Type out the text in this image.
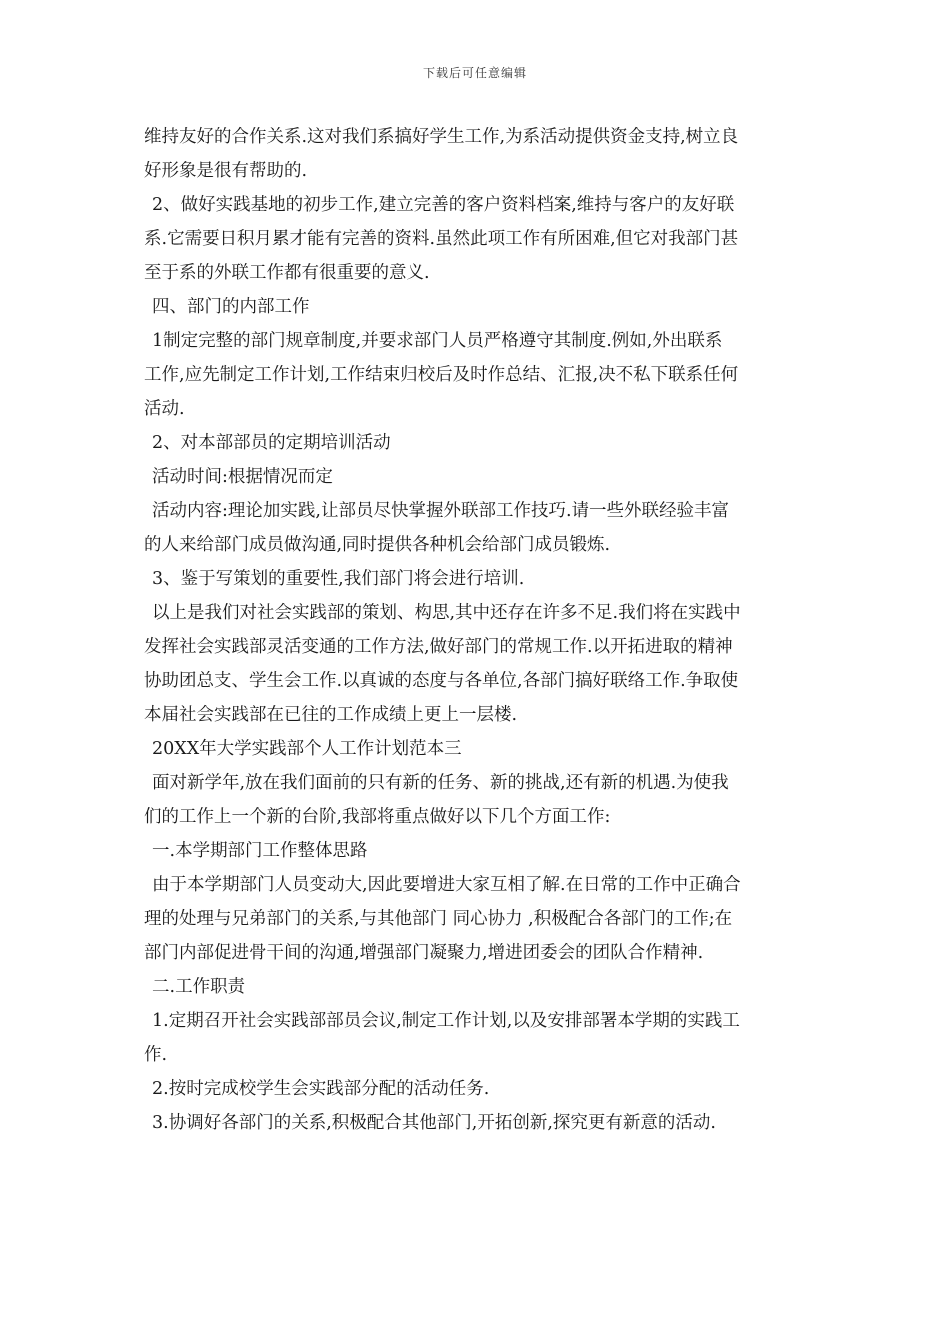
下载后可任意编辑
维持友好的合作关系.这对我们系搞好学生工作,为系活动提供资金支持,树立良
好形象是很有帮助的.
2、做好实践基地的初步工作,建立完善的客户资料档案,维持与客户的友好联
系.它需要日积月累才能有完善的资料.虽然此项工作有所困难,但它对我部门甚
至于系的外联工作都有很重要的意义.
四、部门的内部工作
1制定完整的部门规章制度,并要求部门人员严格遵守其制度.例如,外出联系
工作,应先制定工作计划,工作结束归校后及时作总结、汇报,决不私下联系任何
活动.
2、对本部部员的定期培训活动
活动时间:根据情况而定
活动内容:理论加实践,让部员尽快掌握外联部工作技巧.请一些外联经验丰富
的人来给部门成员做沟通,同时提供各种机会给部门成员锻炼.
3、鉴于写策划的重要性,我们部门将会进行培训.
以上是我们对社会实践部的策划、构思,其中还存在许多不足.我们将在实践中
发挥社会实践部灵活变通的工作方法,做好部门的常规工作.以开拓进取的精神
协助团总支、学生会工作.以真诚的态度与各单位,各部门搞好联络工作.争取使
本届社会实践部在已往的工作成绩上更上一层楼.
20XX年大学实践部个人工作计划范本三
面对新学年,放在我们面前的只有新的任务、新的挑战,还有新的机遇.为使我
们的工作上一个新的台阶,我部将重点做好以下几个方面工作:
一.本学期部门工作整体思路
由于本学期部门人员变动大,因此要增进大家互相了解.在日常的工作中正确合
理的处理与兄弟部门的关系,与其他部门 同心协力 ,积极配合各部门的工作;在
部门内部促进骨干间的沟通,增强部门凝聚力,增进团委会的团队合作精神.
二.工作职责
1.定期召开社会实践部部员会议,制定工作计划,以及安排部署本学期的实践工
作.
2.按时完成校学生会实践部分配的活动任务.
3.协调好各部门的关系,积极配合其他部门,开拓创新,探究更有新意的活动.
